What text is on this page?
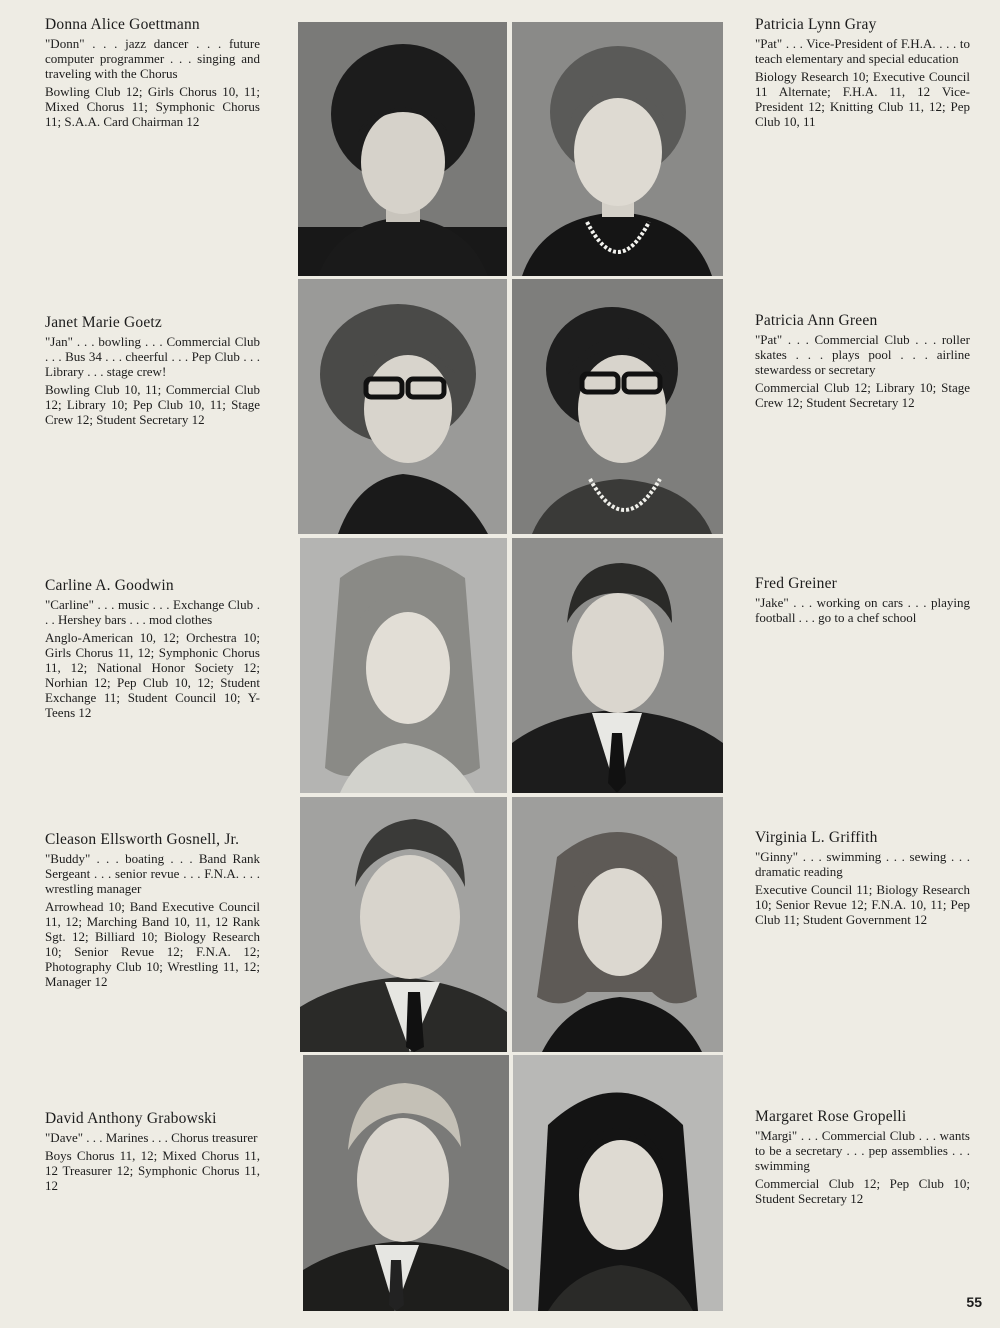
Donna Alice Goettmann
"Donn" . . . jazz dancer . . . future computer programmer . . . singing and traveling with the Chorus
Bowling Club 12; Girls Chorus 10, 11; Mixed Chorus 11; Symphonic Chorus 11; S.A.A. Card Chairman 12
Patricia Lynn Gray
"Pat" . . . Vice-President of F.H.A. . . . to teach elementary and special education
Biology Research 10; Executive Council 11 Alternate; F.H.A. 11, 12 Vice-President 12; Knitting Club 11, 12; Pep Club 10, 11
Janet Marie Goetz
"Jan" . . . bowling . . . Commercial Club . . . Bus 34 . . . cheerful . . . Pep Club . . . Library . . . stage crew!
Bowling Club 10, 11; Commercial Club 12; Library 10; Pep Club 10, 11; Stage Crew 12; Student Secretary 12
Patricia Ann Green
"Pat" . . . Commercial Club . . . roller skates . . . plays pool . . . airline stewardess or secretary
Commercial Club 12; Library 10; Stage Crew 12; Student Secretary 12
Carline A. Goodwin
"Carline" . . . music . . . Exchange Club . . . Hershey bars . . . mod clothes
Anglo-American 10, 12; Orchestra 10; Girls Chorus 11, 12; Symphonic Chorus 11, 12; National Honor Society 12; Norhian 12; Pep Club 10, 12; Student Exchange 11; Student Council 10; Y-Teens 12
Fred Greiner
"Jake" . . . working on cars . . . playing football . . . go to a chef school
Cleason Ellsworth Gosnell, Jr.
"Buddy" . . . boating . . . Band Rank Sergeant . . . senior revue . . . F.N.A. . . . wrestling manager
Arrowhead 10; Band Executive Council 11, 12; Marching Band 10, 11, 12 Rank Sgt. 12; Billiard 10; Biology Research 10; Senior Revue 12; F.N.A. 12; Photography Club 10; Wrestling 11, 12; Manager 12
Virginia L. Griffith
"Ginny" . . . swimming . . . sewing . . . dramatic reading
Executive Council 11; Biology Research 10; Senior Revue 12; F.N.A. 10, 11; Pep Club 11; Student Government 12
David Anthony Grabowski
"Dave" . . . Marines . . . Chorus treasurer
Boys Chorus 11, 12; Mixed Chorus 11, 12 Treasurer 12; Symphonic Chorus 11, 12
Margaret Rose Gropelli
"Margi" . . . Commercial Club . . . wants to be a secretary . . . pep assemblies . . . swimming
Commercial Club 12; Pep Club 10; Student Secretary 12
55
